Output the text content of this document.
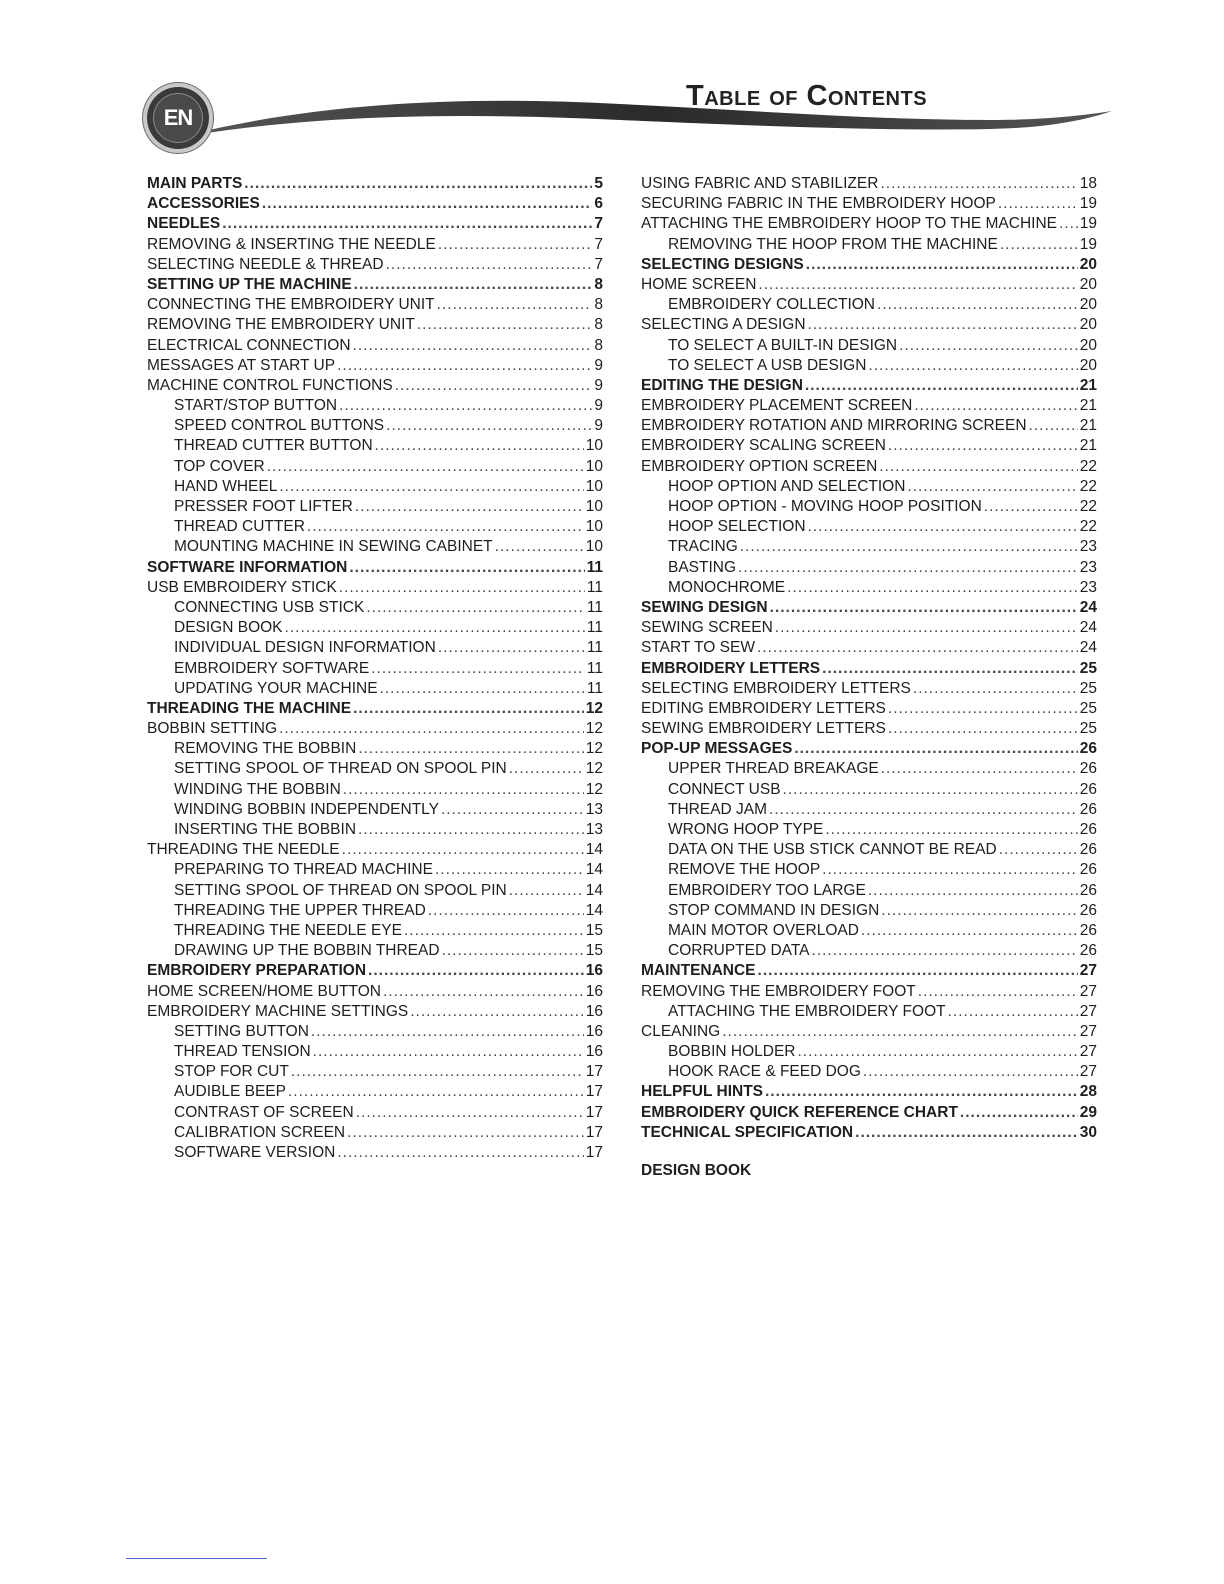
EN
Table of Contents
MAIN PARTS .....	5
ACCESSORIES .....	6
NEEDLES .....	7
REMOVING & INSERTING THE NEEDLE .....	7
SELECTING NEEDLE & THREAD .....	7
SETTING UP THE MACHINE .....	8
CONNECTING THE EMBROIDERY UNIT .....	8
REMOVING THE EMBROIDERY UNIT .....	8
ELECTRICAL CONNECTION .....	8
MESSAGES AT START UP .....	9
MACHINE CONTROL FUNCTIONS .....	9
START/STOP BUTTON .....	9
SPEED CONTROL BUTTONS .....	9
THREAD CUTTER BUTTON .....	10
TOP COVER .....	10
HAND WHEEL .....	10
PRESSER FOOT LIFTER .....	10
THREAD CUTTER .....	10
MOUNTING MACHINE IN SEWING CABINET .....	10
SOFTWARE INFORMATION .....	11
USB EMBROIDERY STICK .....	11
CONNECTING USB STICK .....	11
DESIGN BOOK .....	11
INDIVIDUAL DESIGN INFORMATION .....	11
EMBROIDERY SOFTWARE .....	11
UPDATING YOUR MACHINE .....	11
THREADING THE MACHINE .....	12
BOBBIN SETTING .....	12
REMOVING THE BOBBIN .....	12
SETTING SPOOL OF THREAD ON SPOOL PIN .....	12
WINDING THE BOBBIN .....	12
WINDING BOBBIN INDEPENDENTLY .....	13
INSERTING THE BOBBIN .....	13
THREADING THE NEEDLE .....	14
PREPARING TO THREAD MACHINE .....	14
SETTING SPOOL OF THREAD ON SPOOL PIN .....	14
THREADING THE UPPER THREAD .....	14
THREADING THE NEEDLE EYE .....	15
DRAWING UP THE BOBBIN THREAD .....	15
EMBROIDERY PREPARATION .....	16
HOME SCREEN/HOME BUTTON .....	16
EMBROIDERY MACHINE SETTINGS .....	16
SETTING BUTTON .....	16
THREAD TENSION .....	16
STOP FOR CUT .....	17
AUDIBLE BEEP .....	17
CONTRAST OF SCREEN .....	17
CALIBRATION SCREEN .....	17
SOFTWARE VERSION .....	17
USING FABRIC AND STABILIZER .....	18
SECURING FABRIC IN THE EMBROIDERY HOOP .....	19
ATTACHING THE EMBROIDERY HOOP TO THE MACHINE ..... 19
REMOVING THE HOOP FROM THE MACHINE .....	19
SELECTING DESIGNS .....	20
HOME SCREEN .....	20
EMBROIDERY COLLECTION .....	20
SELECTING A DESIGN .....	20
TO SELECT A BUILT-IN DESIGN .....	20
TO SELECT A USB DESIGN .....	20
EDITING THE DESIGN .....	21
EMBROIDERY PLACEMENT SCREEN .....	21
EMBROIDERY ROTATION AND MIRRORING SCREEN .....	21
EMBROIDERY SCALING SCREEN .....	21
EMBROIDERY OPTION SCREEN .....	22
HOOP OPTION AND SELECTION .....	22
HOOP OPTION - MOVING HOOP POSITION .....	22
HOOP SELECTION .....	22
TRACING .....	23
BASTING .....	23
MONOCHROME .....	23
SEWING DESIGN .....	24
SEWING SCREEN .....	24
START TO SEW .....	24
EMBROIDERY LETTERS .....	25
SELECTING EMBROIDERY LETTERS .....	25
EDITING EMBROIDERY LETTERS .....	25
SEWING EMBROIDERY LETTERS .....	25
POP-UP MESSAGES .....	26
UPPER THREAD BREAKAGE .....	26
CONNECT USB .....	26
THREAD JAM .....	26
WRONG HOOP TYPE .....	26
DATA ON THE USB STICK CANNOT BE READ .....	26
REMOVE THE HOOP .....	26
EMBROIDERY TOO LARGE .....	26
STOP COMMAND IN DESIGN .....	26
MAIN MOTOR OVERLOAD .....	26
CORRUPTED DATA .....	26
MAINTENANCE .....	27
REMOVING THE EMBROIDERY FOOT .....	27
ATTACHING THE EMBROIDERY FOOT .....	27
CLEANING .....	27
BOBBIN HOLDER .....	27
HOOK RACE & FEED DOG .....	27
HELPFUL HINTS .....	28
EMBROIDERY QUICK REFERENCE CHART .....	29
TECHNICAL SPECIFICATION .....	30
DESIGN BOOK
